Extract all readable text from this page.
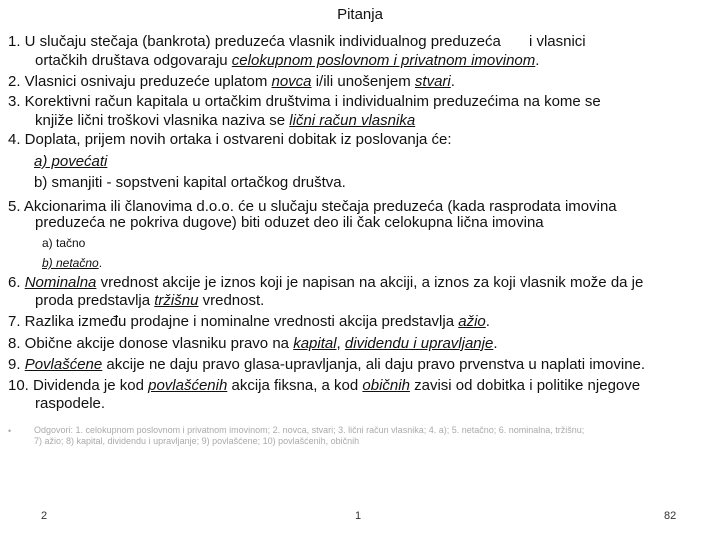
Pitanja
1. U slučaju stečaja (bankrota) preduzeća vlasnik individualnog preduzeća i vlasnici
ortačkih društava odgovaraju celokupnom poslovnom i privatnom imovinom.
2. Vlasnici osnivaju preduzeće uplatom novca i/ili unošenjem stvari.
3. Korektivni račun kapitala u ortačkim društvima i individualnim preduzećima na kome se
knjiže lični troškovi vlasnika naziva se lični račun vlasnika
4. Doplata, prijem novih ortaka i ostvareni dobitak iz poslovanja će:
a) povećati
b) smanjiti - sopstveni kapital ortačkog društva.
5. Akcionarima ili članovima d.o.o. će u slučaju stečaja preduzeća (kada rasprodata imovina
preduzeća ne pokriva dugove) biti oduzet deo ili čak celokupna lična imovina
a) tačno
b) netačno.
6. Nominalna vrednost akcije je iznos koji je napisan na akciji, a iznos za koji vlasnik može da je
proda predstavlja tržišnu vrednost.
7. Razlika između prodajne i nominalne vrednosti akcija predstavlja ažio.
8. Obične akcije donose vlasniku pravo na kapital, dividendu i upravljanje.
9. Povlašćene akcije ne daju pravo glasa-upravljanja, ali daju pravo prvenstva u naplati imovine.
10. Dividenda je kod povlašćenih akcija fiksna, a kod običnih zavisi od dobitka i politike njegove
raspodele.
•	Odgovori: 1. celokupnom poslovnom i privatnom imovinom; 2. novca, stvari; 3. lični račun vlasnika; 4. a); 5. netačno; 6. nominalna, tržišnu;
7) ažio; 8) kapital, dividendu i upravljanje; 9) povlašćene; 10) povlašćenih, običnih
2	1	82
